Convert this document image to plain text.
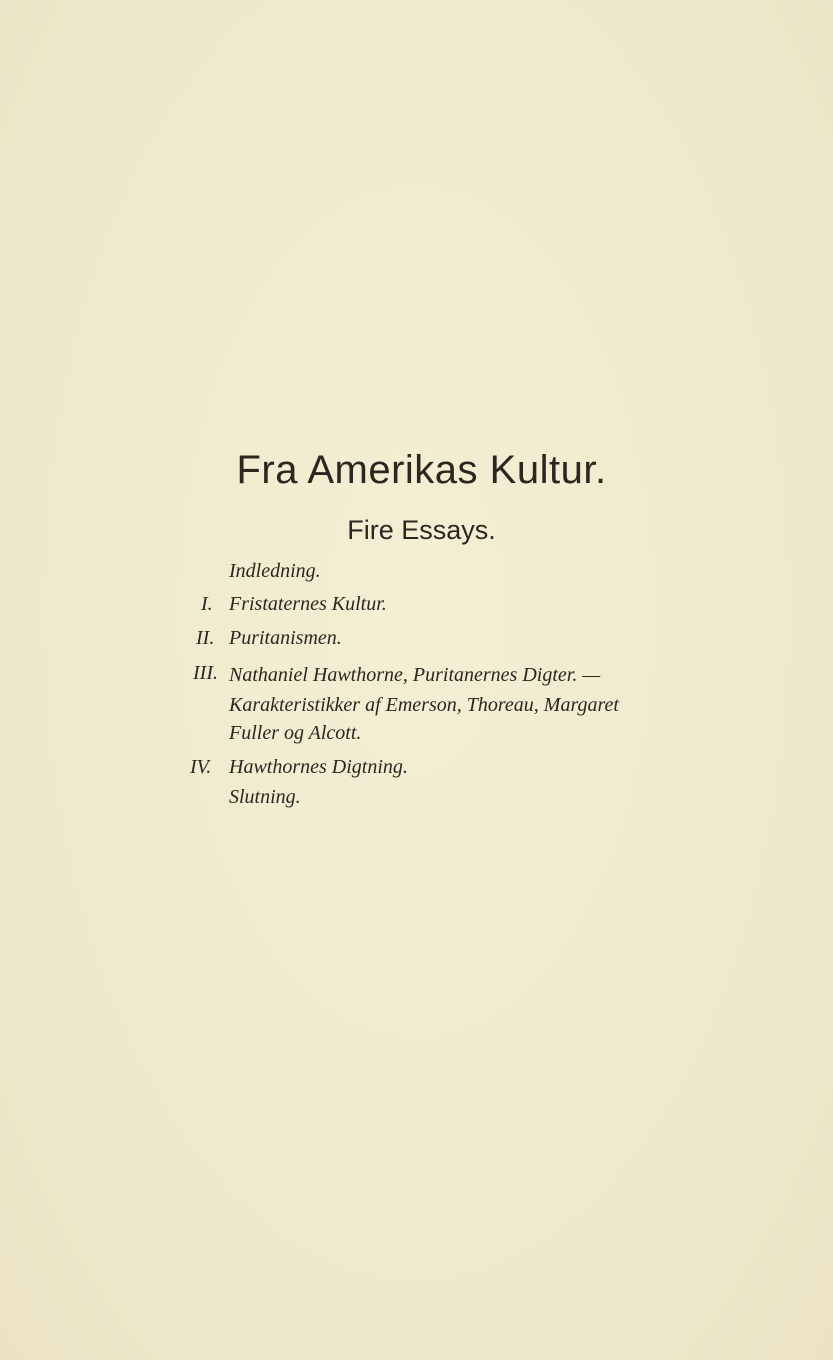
Fra Amerikas Kultur.
Fire Essays.
Indledning.
I. Fristaternes Kultur.
II. Puritanismen.
III. Nathaniel Hawthorne, Puritanernes Digter. —
Karakteristikker af Emerson, Thoreau, Margaret
Fuller og Alcott.
IV. Hawthornes Digtning.
Slutning.
